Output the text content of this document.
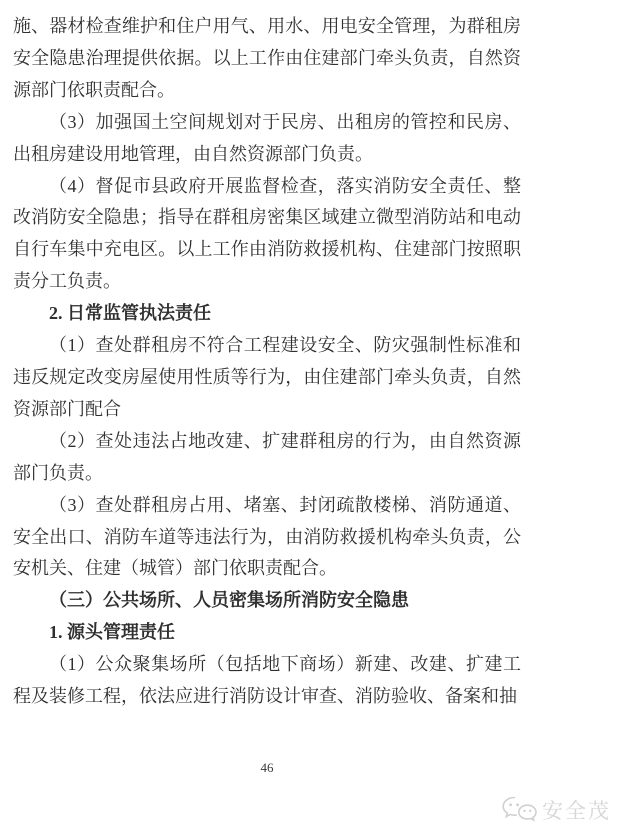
施、器材检查维护和住户用气、用水、用电安全管理，为群租房安全隐患治理提供依据。以上工作由住建部门牵头负责，自然资源部门依职责配合。

（3）加强国土空间规划对于民房、出租房的管控和民房、出租房建设用地管理，由自然资源部门负责。

（4）督促市县政府开展监督检查，落实消防安全责任、整改消防安全隐患；指导在群租房密集区域建立微型消防站和电动自行车集中充电区。以上工作由消防救援机构、住建部门按照职责分工负责。

2. 日常监管执法责任

（1）查处群租房不符合工程建设安全、防灾强制性标准和违反规定改变房屋使用性质等行为，由住建部门牵头负责，自然资源部门配合

（2）查处违法占地改建、扩建群租房的行为，由自然资源部门负责。

（3）查处群租房占用、堵塞、封闭疏散楼梯、消防通道、安全出口、消防车道等违法行为，由消防救援机构牵头负责，公安机关、住建（城管）部门依职责配合。

（三）公共场所、人员密集场所消防安全隐患

1. 源头管理责任

（1）公众聚集场所（包括地下商场）新建、改建、扩建工程及装修工程，依法应进行消防设计审查、消防验收、备案和抽

46
安全茂
